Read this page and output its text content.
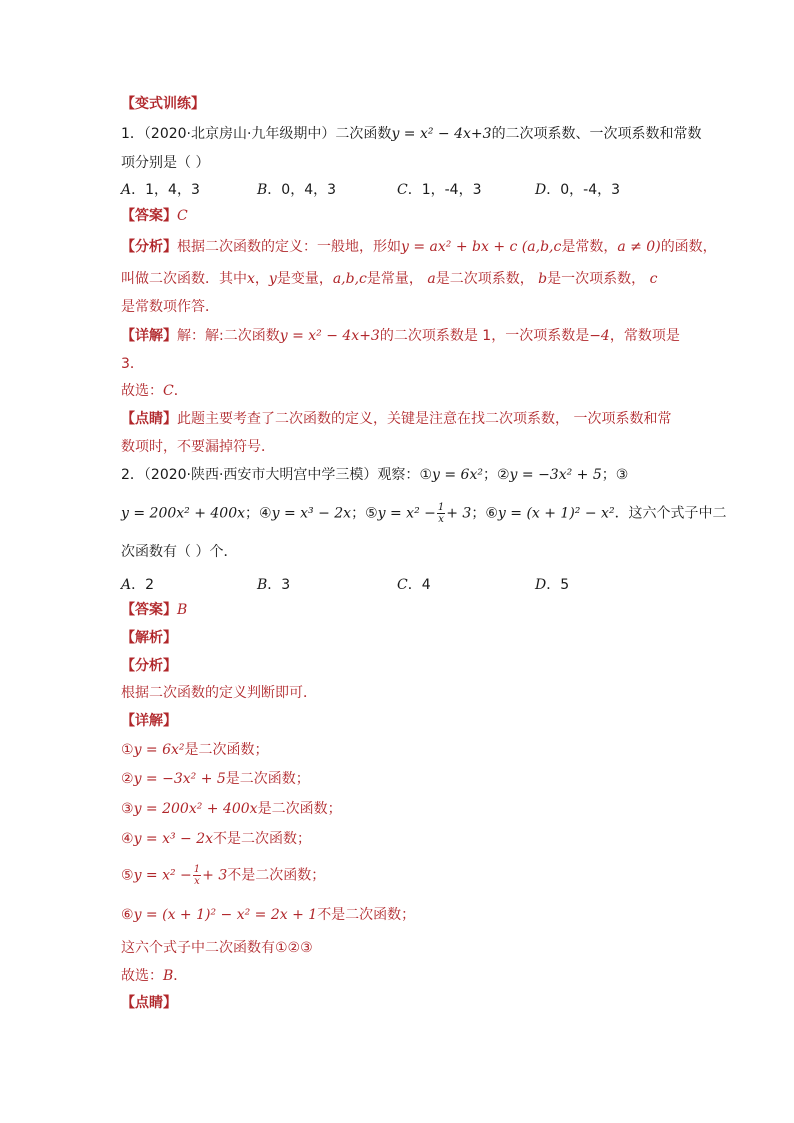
【变式训练】
1．（2020·北京房山·九年级期中）二次函数y = x² − 4x+3的二次项系数、一次项系数和常数
项分别是（ ）
A．1，4，3	B．0，4，3	C．1，-4，3	D．0，-4，3
【答案】C
【分析】根据二次函数的定义：一般地，形如y = ax² + bx + c (a,b,c是常数，a ≠ 0)的函数，
叫做二次函数．其中x，y是变量，a,b,c是常量， a是二次项系数， b是一次项系数， c
是常数项作答．
【详解】解：解:二次函数y = x² − 4x+3的二次项系数是 1，一次项系数是−4，常数项是
3．
故选：C．
【点睛】此题主要考查了二次函数的定义，关键是注意在找二次项系数， 一次项系数和常
数项时，不要漏掉符号．
2．（2020·陕西·西安市大明宫中学三模）观察：①y = 6x²；②y = −3x² + 5；③
y = 200x² + 400x；④y = x³ − 2x；⑤y = $x^2 - \frac{1}{x} + 3$；⑥y = (x + 1)² − x²．这六个式子中二
次函数有（ ）个．
A．2	B．3	C．4	D．5
【答案】B
【解析】
【分析】
根据二次函数的定义判断即可．
【详解】
①y = 6x²是二次函数；
②y = −3x² + 5是二次函数；
③y = 200x² + 400x是二次函数；
④y = x³ − 2x不是二次函数；
⑤y = $x^2 - \frac{1}{x} + 3$不是二次函数；
⑥y = (x + 1)² − x² = 2x + 1不是二次函数；
这六个式子中二次函数有①②③
故选：B．
【点睛】
